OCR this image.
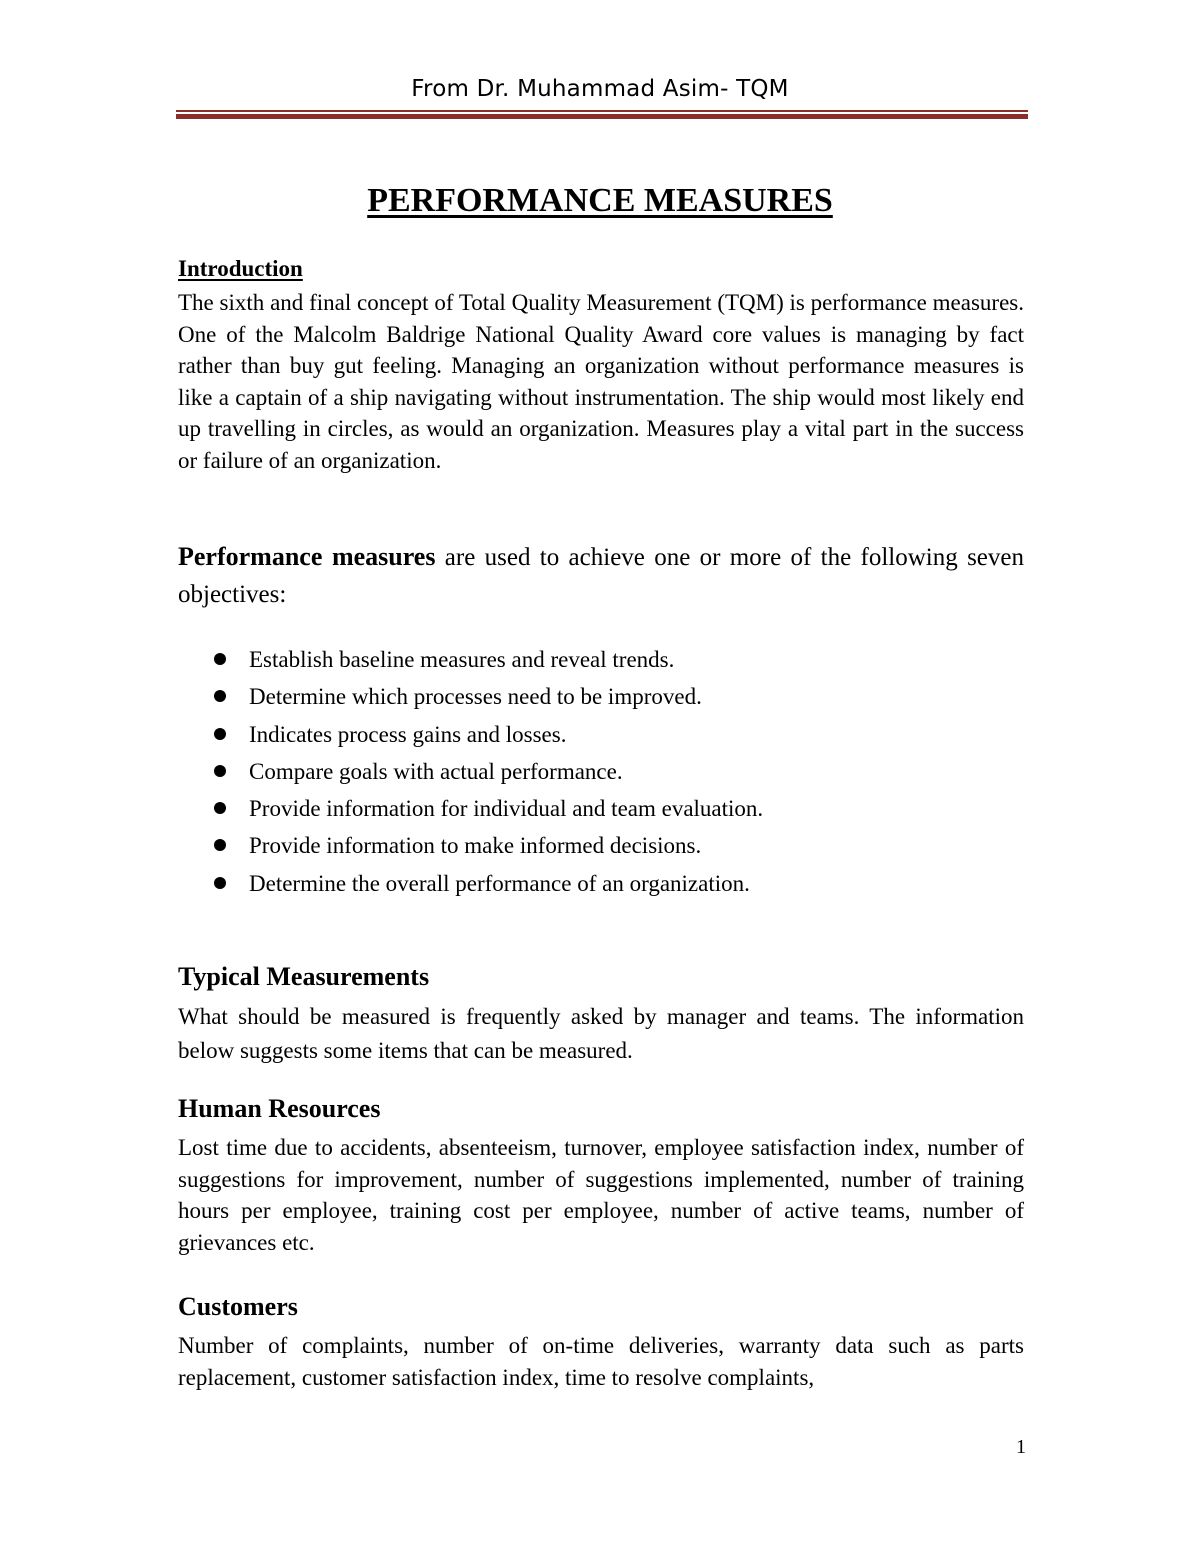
From Dr. Muhammad Asim- TQM
PERFORMANCE MEASURES
Introduction
The sixth and final concept of Total Quality Measurement (TQM) is performance measures. One of the Malcolm Baldrige National Quality Award core values is managing by fact rather than buy gut feeling. Managing an organization without performance measures is like a captain of a ship navigating without instrumentation. The ship would most likely end up travelling in circles, as would an organization. Measures play a vital part in the success or failure of an organization.
Performance measures are used to achieve one or more of the following seven objectives:
Establish baseline measures and reveal trends.
Determine which processes need to be improved.
Indicates process gains and losses.
Compare goals with actual performance.
Provide information for individual and team evaluation.
Provide information to make informed decisions.
Determine the overall performance of an organization.
Typical Measurements
What should be measured is frequently asked by manager and teams. The information below suggests some items that can be measured.
Human Resources
Lost time due to accidents, absenteeism, turnover, employee satisfaction index, number of suggestions for improvement, number of suggestions implemented, number of training hours per employee, training cost per employee, number of active teams, number of grievances etc.
Customers
Number of complaints, number of on-time deliveries, warranty data such as parts replacement, customer satisfaction index, time to resolve complaints,
1
